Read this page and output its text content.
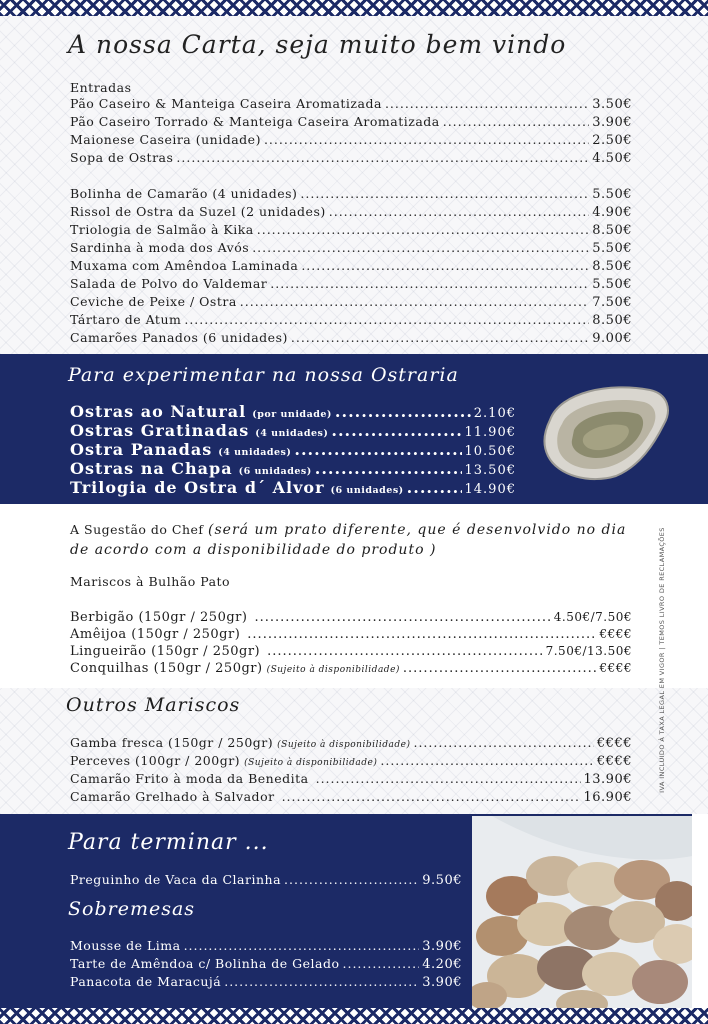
A nossa Carta, seja muito bem vindo
Entradas
Pão Caseiro & Manteiga Caseira Aromatizada .....	3.50€
Pão Caseiro Torrado & Manteiga Caseira Aromatizada .....	3.90€
Maionese Caseira (unidade) .....	2.50€
Sopa de Ostras .....	4.50€
Bolinha de Camarão (4 unidades) .....	5.50€
Rissol de Ostra da Suzel (2 unidades) .....	4.90€
Triologia de Salmão à Kika .....	8.50€
Sardinha à moda dos Avós .....	5.50€
Muxama com Amêndoa Laminada .....	8.50€
Salada de Polvo do Valdemar .....	5.50€
Ceviche de Peixe / Ostra .....	7.50€
Tártaro de Atum .....	8.50€
Camarões Panados (6 unidades) .....	9.00€
Para experimentar na nossa Ostraria
Ostras ao Natural (por unidade) .....	2.10€
Ostras Gratinadas (4 unidades) .....	11.90€
Ostra Panadas (4 unidades) .....	10.50€
Ostras na Chapa (6 unidades) .....	13.50€
Trilogia de Ostra d´ Alvor (6 unidades) .....	14.90€
A Sugestão do Chef (será um prato diferente, que é desenvolvido no dia de acordo com a disponibilidade do produto )
Mariscos à Bulhão Pato
Berbigão (150gr / 250gr) .....	4.50€/7.50€
Amêijoa (150gr / 250gr) .....	€€€€
Lingueirão (150gr / 250gr) .....	7.50€/13.50€
Conquilhas (150gr / 250gr) (Sujeito à disponibilidade) .....	€€€€
Outros Mariscos
Gamba fresca (150gr / 250gr) (Sujeito à disponibilidade) .....	€€€€
Perceves (100gr / 200gr) (Sujeito à disponibilidade) .....	€€€€
Camarão Frito à moda da Benedita .....	13.90€
Camarão Grelhado à Salvador .....	16.90€
IVA INCLUIDO À TAXA LEGAL EM VIGOR | TEMOS LIVRO DE RECLAMAÇÕES
Para terminar ...
Preguinho de Vaca da Clarinha .....	9.50€
Sobremesas
Mousse de Lima .....	3.90€
Tarte de Amêndoa c/ Bolinha de Gelado .....	4.20€
Panacota de Maracujá .....	3.90€
